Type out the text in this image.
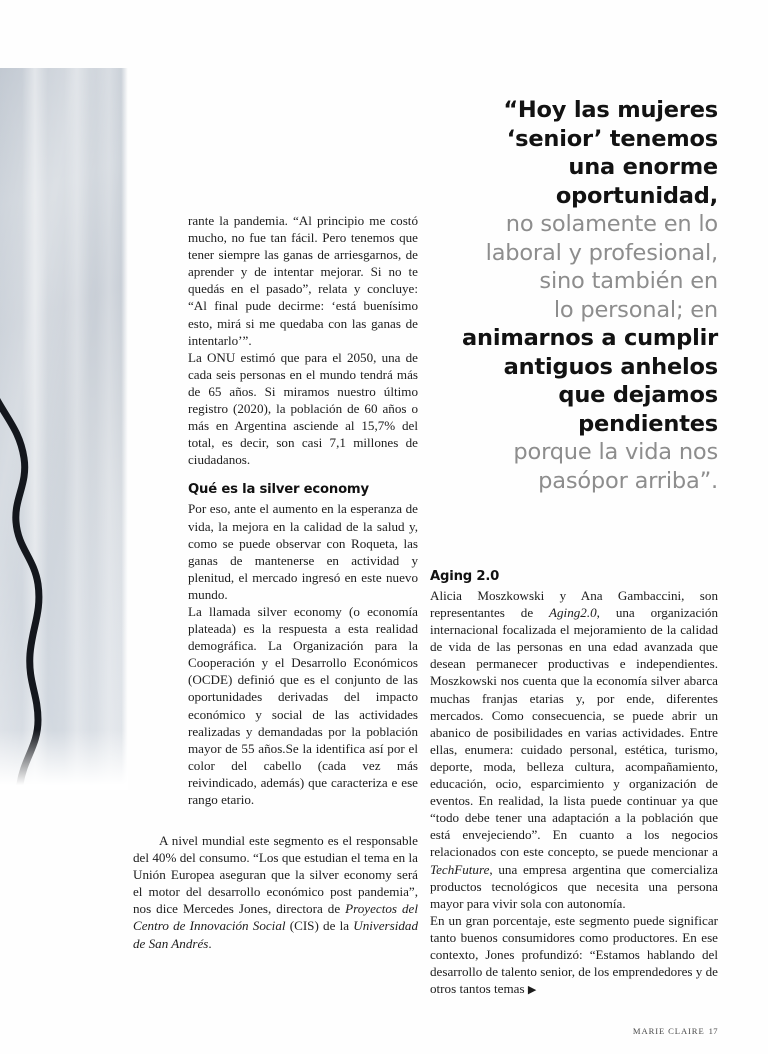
“Hoy las mujeres
‘senior’ tenemos
una enorme
oportunidad,
no solamente en lo
laboral y profesional,
sino también en
lo personal; en
animarnos a cumplir
antiguos anhelos
que dejamos
pendientes
porque la vida nos
pasópor arriba”.

rante la pandemia. “Al principio me costó mucho, no fue tan fácil. Pero tenemos que tener siempre las ganas de arriesgarnos, de aprender y de intentar mejorar. Si no te quedás en el pasado”, relata y concluye: “Al final pude decirme: ‘está buenísimo esto, mirá si me quedaba con las ganas de intentarlo’”.

La ONU estimó que para el 2050, una de cada seis personas en el mundo tendrá más de 65 años. Si miramos nuestro último registro (2020), la población de 60 años o más en Argentina asciende al 15,7% del total, es decir, son casi 7,1 millones de ciudadanos.

Qué es la silver economy

Por eso, ante el aumento en la esperanza de vida, la mejora en la calidad de la salud y, como se puede observar con Roqueta, las ganas de mantenerse en actividad y plenitud, el mercado ingresó en este nuevo mundo.

La llamada silver economy (o economía plateada) es la respuesta a esta realidad demográfica. La Organización para la Cooperación y el Desarrollo Económicos (OCDE) definió que es el conjunto de las oportunidades derivadas del impacto económico y social de las actividades realizadas y demandadas por la población mayor de 55 años.Se la identifica así por el color del cabello (cada vez más reivindicado, además) que caracteriza e ese rango etario.

A nivel mundial este segmento es el responsable del 40% del consumo. “Los que estudian el tema en la Unión Europea aseguran que la silver economy será el motor del desarrollo económico post pandemia”, nos dice Mercedes Jones, directora de Proyectos del Centro de Innovación Social (CIS) de la Universidad de San Andrés.

Aging 2.0

Alicia Moszkowski y Ana Gambaccini, son representantes de Aging2.0, una organización internacional focalizada el mejoramiento de la calidad de vida de las personas en una edad avanzada que desean permanecer productivas e independientes. Moszkowski nos cuenta que la economía silver abarca muchas franjas etarias y, por ende, diferentes mercados. Como consecuencia, se puede abrir un abanico de posibilidades en varias actividades. Entre ellas, enumera: cuidado personal, estética, turismo, deporte, moda, belleza cultura, acompañamiento, educación, ocio, esparcimiento y organización de eventos. En realidad, la lista puede continuar ya que “todo debe tener una adaptación a la población que está envejeciendo”. En cuanto a los negocios relacionados con este concepto, se puede mencionar a TechFuture, una empresa argentina que comercializa productos tecnológicos que necesita una persona mayor para vivir sola con autonomía.

En un gran porcentaje, este segmento puede significar tanto buenos consumidores como productores. En ese contexto, Jones profundizó: “Estamos hablando del desarrollo de talento senior, de los emprendedores y de otros tantos temas ▶

MARIE CLAIRE 17
